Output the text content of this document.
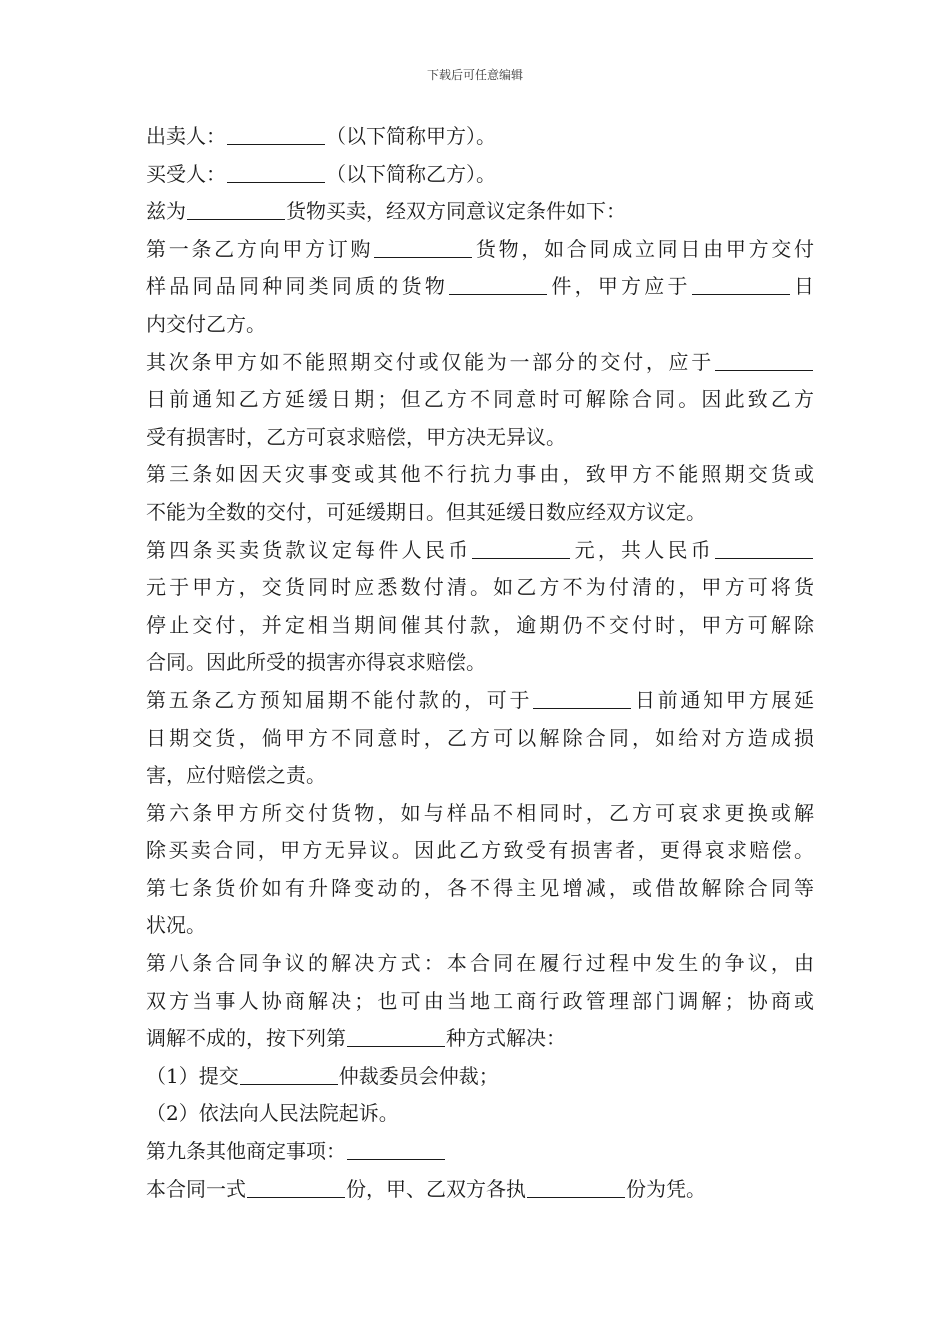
下载后可任意编辑
出卖人：	（以下简称甲方）。
买受人：	（以下简称乙方）。
兹为	货物买卖，经双方同意议定条件如下：
第一条乙方向甲方订购	货物，如合同成立同日由甲方交付
样品同品同种同类同质的货物	件，甲方应于	日
内交付乙方。
其次条甲方如不能照期交付或仅能为一部分的交付，应于
日前通知乙方延缓日期；但乙方不同意时可解除合同。因此致乙方
受有损害时，乙方可哀求赔偿，甲方决无异议。
第三条如因天灾事变或其他不行抗力事由，致甲方不能照期交货或
不能为全数的交付，可延缓期日。但其延缓日数应经双方议定。
第四条买卖货款议定每件人民币	元，共人民币
元于甲方，交货同时应悉数付清。如乙方不为付清的，甲方可将货
停止交付，并定相当期间催其付款，逾期仍不交付时，甲方可解除
合同。因此所受的损害亦得哀求赔偿。
第五条乙方预知届期不能付款的，可于	日前通知甲方展延
日期交货，倘甲方不同意时，乙方可以解除合同，如给对方造成损
害，应付赔偿之责。
第六条甲方所交付货物，如与样品不相同时，乙方可哀求更换或解
除买卖合同，甲方无异议。因此乙方致受有损害者，更得哀求赔偿。
第七条货价如有升降变动的，各不得主见增减，或借故解除合同等
状况。
第八条合同争议的解决方式：本合同在履行过程中发生的争议，由
双方当事人协商解决；也可由当地工商行政管理部门调解；协商或
调解不成的，按下列第	种方式解决：
（1）提交	仲裁委员会仲裁；
（2）依法向人民法院起诉。
第九条其他商定事项：
本合同一式	份，甲、乙双方各执	份为凭。
